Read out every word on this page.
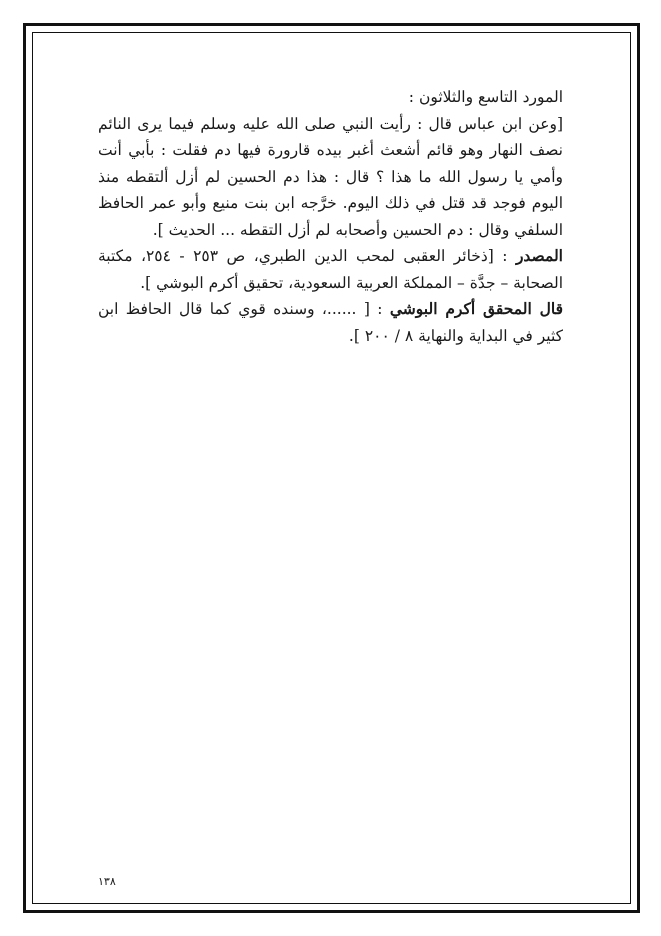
المورد التاسع والثلاثون :

[وعن ابن عباس قال : رأيت النبي صلى الله عليه وسلم فيما يرى النائم نصف النهار وهو قائم أشعث أغبر بيده قارورة فيها دم فقلت : بأبي أنت وأمي يا رسول الله ما هذا ؟ قال : هذا دم الحسين لم أزل ألتقطه منذ اليوم فوجد قد قتل في ذلك اليوم. خرَّجه ابن بنت منيع وأبو عمر الحافظ السلفي وقال : دم الحسين وأصحابه لم أزل التقطه ... الحديث ].

المصدر : [ذخائر العقبى لمحب الدين الطبري، ص ٢٥٣ - ٢٥٤، مكتبة الصحابة – جدَّة – المملكة العربية السعودية، تحقيق أكرم البوشي ].

قال المحقق أكرم البوشي : [ ......، وسنده قوي كما قال الحافظ ابن كثير في البداية والنهاية ٨ / ٢٠٠ ].

١٣٨
